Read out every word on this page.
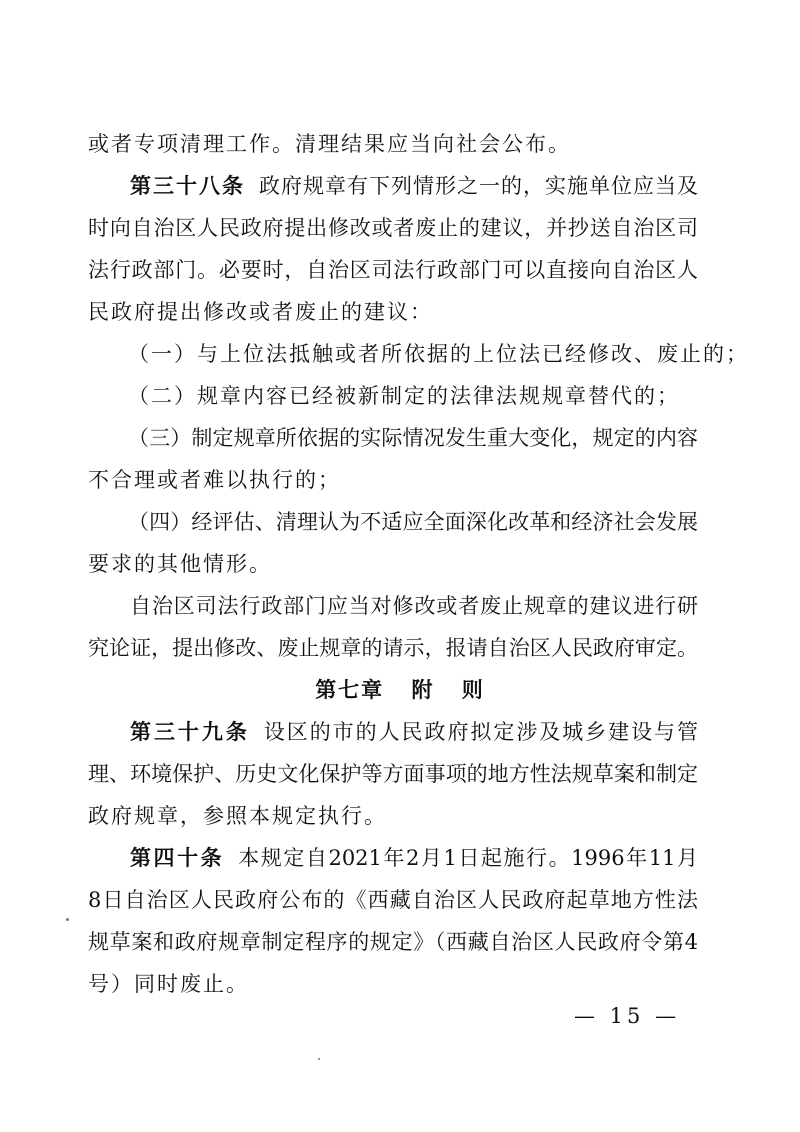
或者专项清理工作。清理结果应当向社会公布。
第三十八条 政府规章有下列情形之一的，实施单位应当及
时向自治区人民政府提出修改或者废止的建议，并抄送自治区司
法行政部门。必要时，自治区司法行政部门可以直接向自治区人
民政府提出修改或者废止的建议：
（一）与上位法抵触或者所依据的上位法已经修改、废止的；
（二）规章内容已经被新制定的法律法规规章替代的；
（三）制定规章所依据的实际情况发生重大变化，规定的内容
不合理或者难以执行的；
（四）经评估、清理认为不适应全面深化改革和经济社会发展
要求的其他情形。
自治区司法行政部门应当对修改或者废止规章的建议进行研
究论证，提出修改、废止规章的请示，报请自治区人民政府审定。
第七章 附 则
第三十九条 设区的市的人民政府拟定涉及城乡建设与管
理、环境保护、历史文化保护等方面事项的地方性法规草案和制定
政府规章，参照本规定执行。
第四十条 本规定自2021年2月1日起施行。1996年11月
8日自治区人民政府公布的《西藏自治区人民政府起草地方性法
规草案和政府规章制定程序的规定》（西藏自治区人民政府令第4
号）同时废止。
— 15 —
